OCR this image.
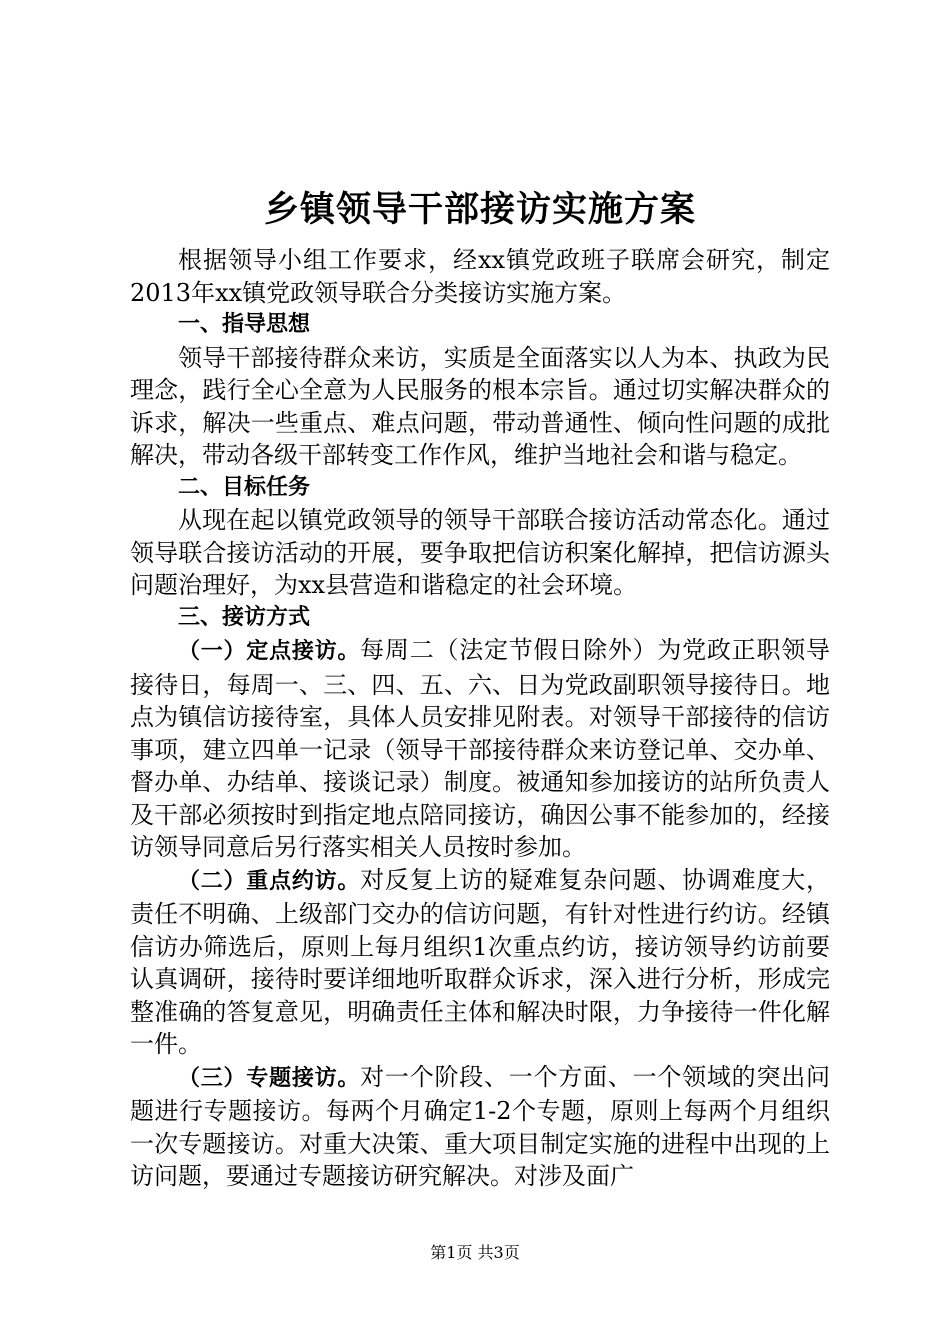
乡镇领导干部接访实施方案

根据领导小组工作要求，经xx镇党政班子联席会研究，制定2013年xx镇党政领导联合分类接访实施方案。

一、指导思想

领导干部接待群众来访，实质是全面落实以人为本、执政为民理念，践行全心全意为人民服务的根本宗旨。通过切实解决群众的诉求，解决一些重点、难点问题，带动普通性、倾向性问题的成批解决，带动各级干部转变工作作风，维护当地社会和谐与稳定。

二、目标任务

从现在起以镇党政领导的领导干部联合接访活动常态化。通过领导联合接访活动的开展，要争取把信访积案化解掉，把信访源头问题治理好，为xx县营造和谐稳定的社会环境。

三、接访方式

（一）定点接访。每周二（法定节假日除外）为党政正职领导接待日，每周一、三、四、五、六、日为党政副职领导接待日。地点为镇信访接待室，具体人员安排见附表。对领导干部接待的信访事项，建立四单一记录（领导干部接待群众来访登记单、交办单、督办单、办结单、接谈记录）制度。被通知参加接访的站所负责人及干部必须按时到指定地点陪同接访，确因公事不能参加的，经接访领导同意后另行落实相关人员按时参加。

（二）重点约访。对反复上访的疑难复杂问题、协调难度大，责任不明确、上级部门交办的信访问题，有针对性进行约访。经镇信访办筛选后，原则上每月组织1次重点约访，接访领导约访前要认真调研，接待时要详细地听取群众诉求，深入进行分析，形成完整准确的答复意见，明确责任主体和解决时限，力争接待一件化解一件。

（三）专题接访。对一个阶段、一个方面、一个领域的突出问题进行专题接访。每两个月确定1-2个专题，原则上每两个月组织一次专题接访。对重大决策、重大项目制定实施的进程中出现的上访问题，要通过专题接访研究解决。对涉及面广

第1页 共3页
